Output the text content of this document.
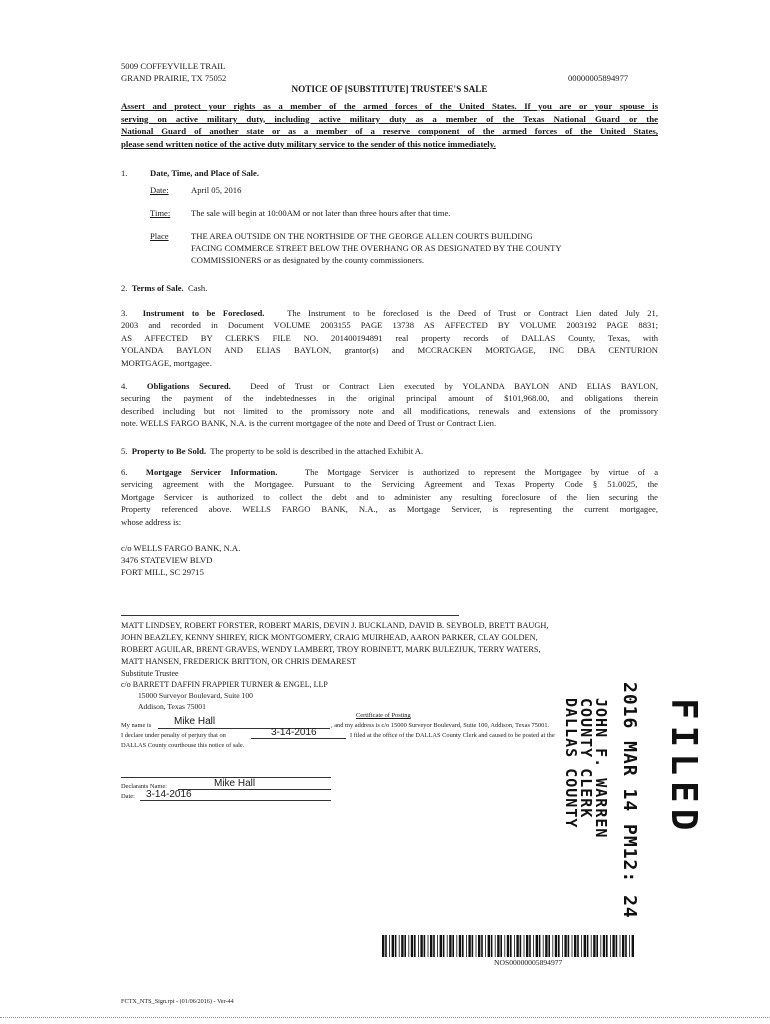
5009 COFFEYVILLE TRAIL
GRAND PRAIRIE, TX 75052	00000005894977
NOTICE OF [SUBSTITUTE] TRUSTEE'S SALE
Assert and protect your rights as a member of the armed forces of the United States. If you are or your spouse is
serving on active military duty, including active military duty as a member of the Texas National Guard or the
National Guard of another state or as a member of a reserve component of the armed forces of the United States,
please send written notice of the active duty military service to the sender of this notice immediately.
1.	Date, Time, and Place of Sale.
Date:	April 05, 2016
Time: The sale will begin at 10:00AM or not later than three hours after that time.
Place	THE AREA OUTSIDE ON THE NORTHSIDE OF THE GEORGE ALLEN COURTS BUILDING
FACING COMMERCE STREET BELOW THE OVERHANG OR AS DESIGNATED BY THE COUNTY
COMMISSIONERS or as designated by the county commissioners.
2. Terms of Sale. Cash.
3. Instrument to be Foreclosed.	The Instrument to be foreclosed is the Deed of Trust or Contract Lien dated July 21,
2003 and recorded in Document VOLUME 2003155 PAGE 13738 AS AFFECTED BY VOLUME 2003192 PAGE 8831;
AS AFFECTED BY CLERK'S FILE NO. 201400194891 real property records of DALLAS County, Texas, with
YOLANDA BAYLON AND ELIAS BAYLON, grantor(s) and MCCRACKEN MORTGAGE, INC DBA CENTURION
MORTGAGE, mortgagee.
4. Obligations Secured. Deed of Trust or Contract Lien executed by YOLANDA BAYLON AND ELIAS BAYLON,
securing the payment of the indebtednesses in the original principal amount of $101,968.00, and obligations therein
described including but not limited to the promissory note and all modifications, renewals and extensions of the promissory
note. WELLS FARGO BANK, N.A. is the current mortgagee of the note and Deed of Trust or Contract Lien.
5. Property to Be Sold. The property to be sold is described in the attached Exhibit A.
6. Mortgage Servicer Information.	The Mortgage Servicer is authorized to represent the Mortgagee by virtue of a
servicing agreement with the Mortgagee. Pursuant to the Servicing Agreement and Texas Property Code § 51.0025, the
Mortgage Servicer is authorized to collect the debt and to administer any resulting foreclosure of the lien securing the
Property referenced above. WELLS FARGO BANK, N.A., as Mortgage Servicer, is representing the current mortgagee,
whose address is:
c/o WELLS FARGO BANK, N.A.
3476 STATEVIEW BLVD
FORT MILL, SC 29715
MATT LINDSEY, ROBERT FORSTER, ROBERT MARIS, DEVIN J. BUCKLAND, DAVID B. SEYBOLD, BRETT BAUGH,
JOHN BEAZLEY, KENNY SHIREY, RICK MONTGOMERY, CRAIG MUIRHEAD, AARON PARKER, CLAY GOLDEN,
ROBERT AGUILAR, BRENT GRAVES, WENDY LAMBERT, TROY ROBINETT, MARK BULEZIUK, TERRY WATERS,
MATT HANSEN, FREDERICK BRITTON, OR CHRIS DEMAREST
Substitute Trustee
c/o BARRETT DAFFIN FRAPPIER TURNER & ENGEL, LLP
15000 Surveyor Boulevard, Suite 100
Addison, Texas 75001
Certificate of Posting
My name is Mike Hall	, and my address is c/o 15000 Surveyor Boulevard, Suite 100, Addison, Texas 75001.
I declare under penalty of perjury that on	3-14-2016	I filed at the office of the DALLAS County Clerk and caused to be posted at the
DALLAS County courthouse this notice of sale.
Declarants Name:	Mike Hall
Date: 3-14-2016	FILED
2016 MAR 14 PM12: 24
JOHN F. WARREN
COUNTY CLERK
DALLAS COUNTY
NOS00000005894977
FCTX_NTS_Sign.rpt - (01/06/2016) - Ver-44
